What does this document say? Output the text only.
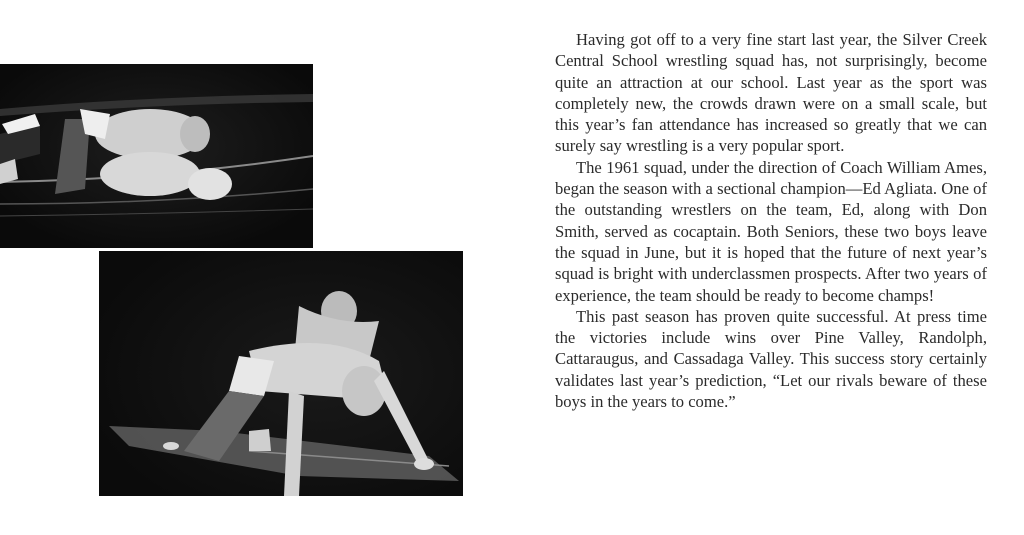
Having got off to a very fine start last year, the Silver Creek Central School wrestling squad has, not surprisingly, become quite an attraction at our school. Last year as the sport was completely new, the crowds drawn were on a small scale, but this year’s fan attendance has increased so greatly that we can surely say wrestling is a very popular sport.

The 1961 squad, under the direction of Coach William Ames, began the season with a sectional champion—Ed Agliata. One of the outstanding wrestlers on the team, Ed, along with Don Smith, served as cocaptain. Both Seniors, these two boys leave the squad in June, but it is hoped that the future of next year’s squad is bright with underclassmen prospects. After two years of experience, the team should be ready to become champs!

This past season has proven quite successful. At press time the victories include wins over Pine Valley, Randolph, Cattaraugus, and Cassadaga Valley. This success story certainly validates last year’s prediction, “Let our rivals beware of these boys in the years to come.”
